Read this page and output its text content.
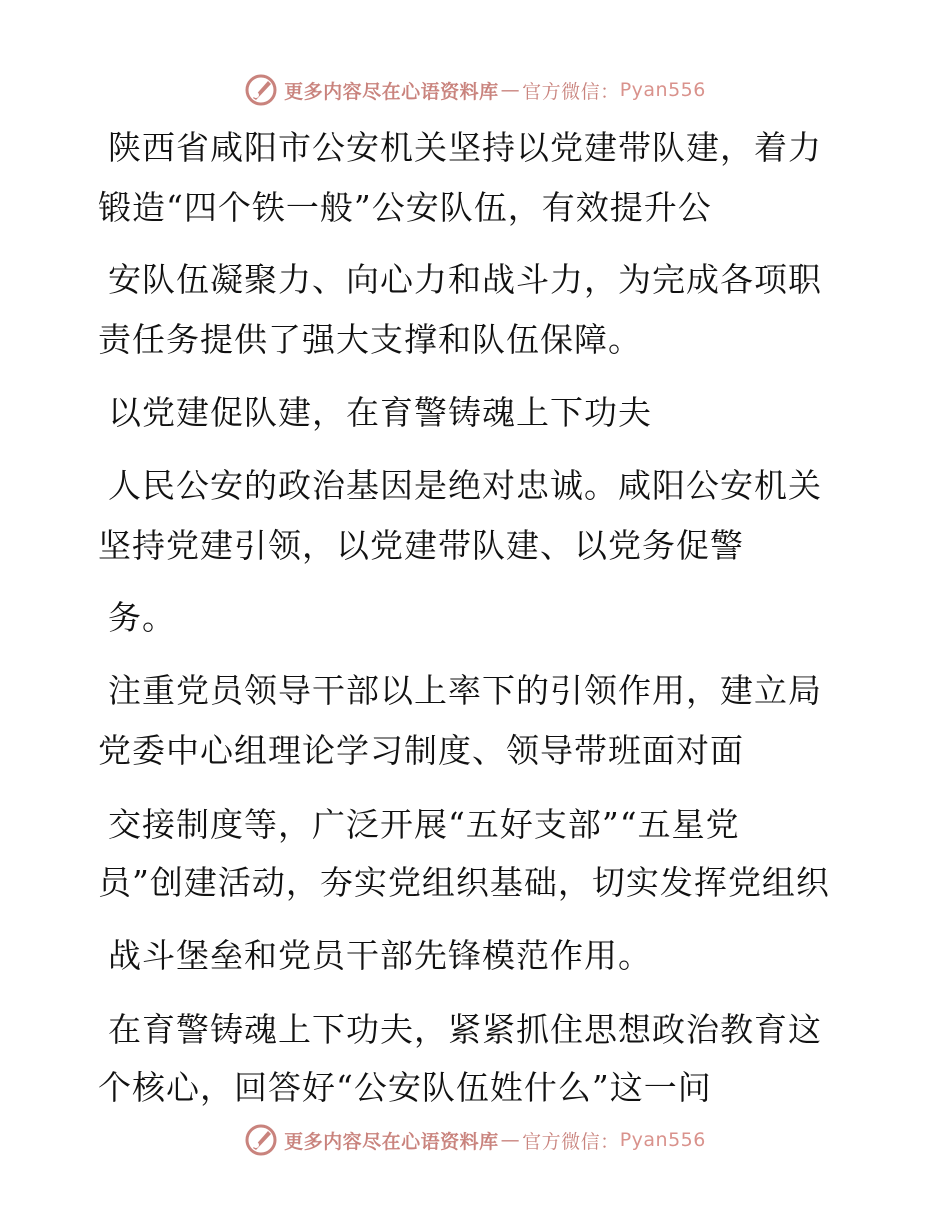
更多内容尽在心语资料库 — 官方微信： Pyan556
陕西省咸阳市公安机关坚持以党建带队建，着力
锻造“四个铁一般”公安队伍，有效提升公
安队伍凝聚力、向心力和战斗力，为完成各项职
责任务提供了强大支撑和队伍保障。
以党建促队建，在育警铸魂上下功夫
人民公安的政治基因是绝对忠诚。咸阳公安机关
坚持党建引领，以党建带队建、以党务促警
务。
注重党员领导干部以上率下的引领作用，建立局
党委中心组理论学习制度、领导带班面对面
交接制度等，广泛开展“五好支部”“五星党
员”创建活动，夯实党组织基础，切实发挥党组织
战斗堡垒和党员干部先锋模范作用。
在育警铸魂上下功夫，紧紧抓住思想政治教育这
个核心，回答好“公安队伍姓什么”这一问
更多内容尽在心语资料库 — 官方微信： Pyan556
